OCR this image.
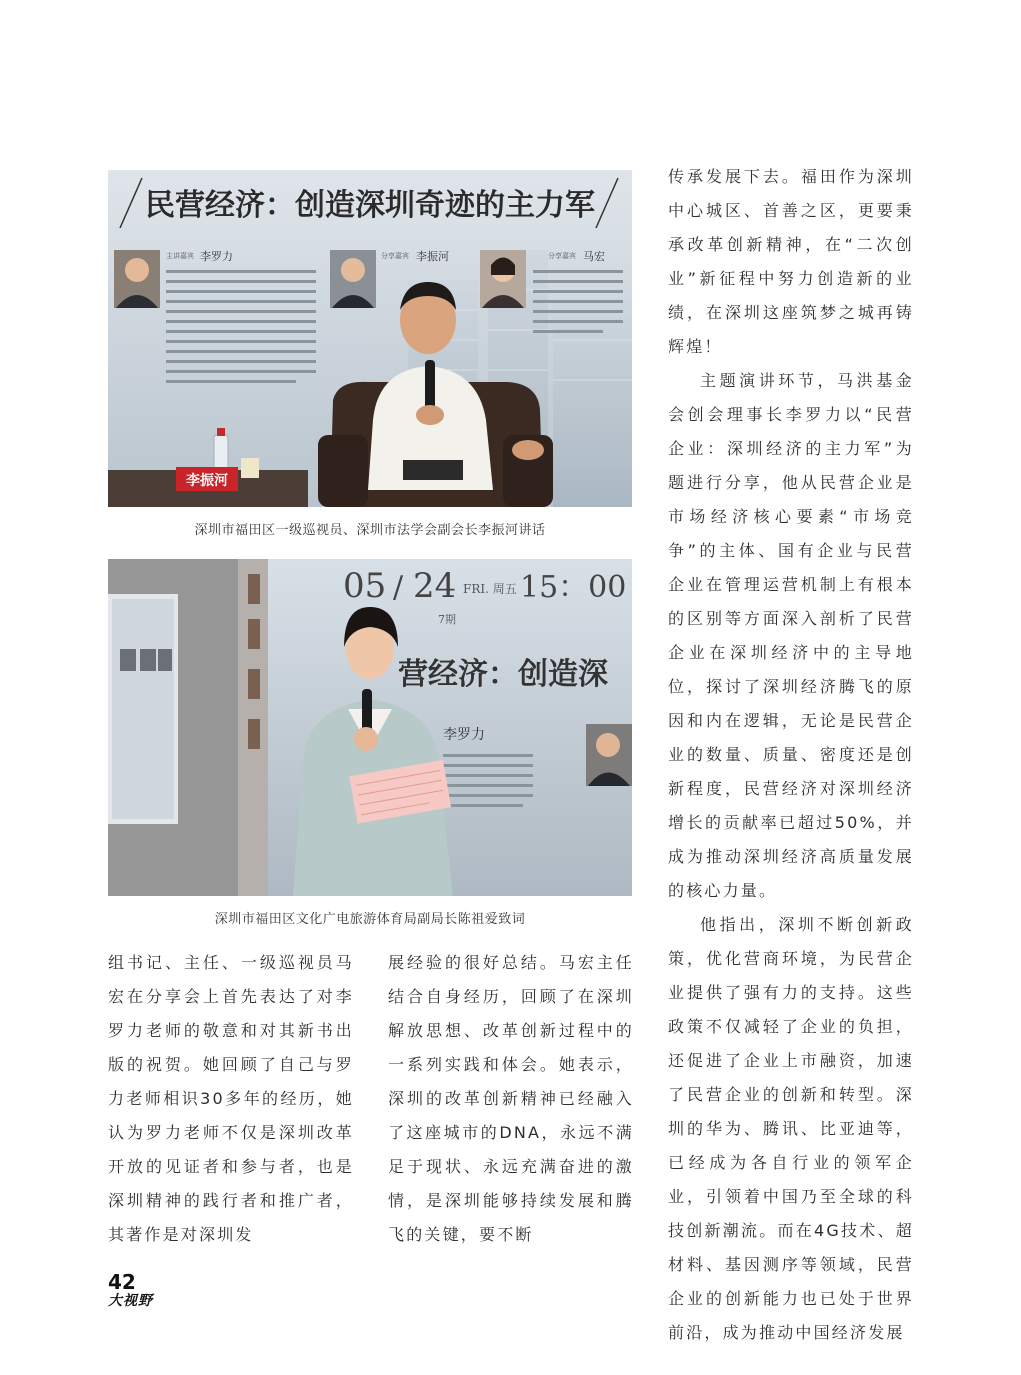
民营经济：创造深圳奇迹的主力军
主讲嘉宾 李罗力	分享嘉宾 李振河	分享嘉宾 马宏
李振河
深圳市福田区一级巡视员、深圳市法学会副会长李振河讲话
05 / 24 FRI. 周五 15：00
7期
营经济：创造深
李罗力
深圳市福田区文化广电旅游体育局副局长陈祖爱致词

组书记、主任、一级巡视员马宏在分享会上首先表达了对李罗力老师的敬意和对其新书出版的祝贺。她回顾了自己与罗力老师相识30多年的经历，她认为罗力老师不仅是深圳改革开放的见证者和参与者，也是深圳精神的践行者和推广者，其著作是对深圳发

展经验的很好总结。马宏主任结合自身经历，回顾了在深圳解放思想、改革创新过程中的一系列实践和体会。她表示，深圳的改革创新精神已经融入了这座城市的DNA，永远不满足于现状、永远充满奋进的激情，是深圳能够持续发展和腾飞的关键，要不断

传承发展下去。福田作为深圳中心城区、首善之区，更要秉承改革创新精神，在“二次创业”新征程中努力创造新的业绩，在深圳这座筑梦之城再铸辉煌！

主题演讲环节，马洪基金会创会理事长李罗力以“民营企业：深圳经济的主力军”为题进行分享，他从民营企业是市场经济核心要素“市场竞争”的主体、国有企业与民营企业在管理运营机制上有根本的区别等方面深入剖析了民营企业在深圳经济中的主导地位，探讨了深圳经济腾飞的原因和内在逻辑，无论是民营企业的数量、质量、密度还是创新程度，民营经济对深圳经济增长的贡献率已超过50%，并成为推动深圳经济高质量发展的核心力量。

他指出，深圳不断创新政策，优化营商环境，为民营企业提供了强有力的支持。这些政策不仅减轻了企业的负担，还促进了企业上市融资，加速了民营企业的创新和转型。深圳的华为、腾讯、比亚迪等，已经成为各自行业的领军企业，引领着中国乃至全球的科技创新潮流。而在4G技术、超材料、基因测序等领域，民营企业的创新能力也已处于世界前沿，成为推动中国经济发展

42
大视野
